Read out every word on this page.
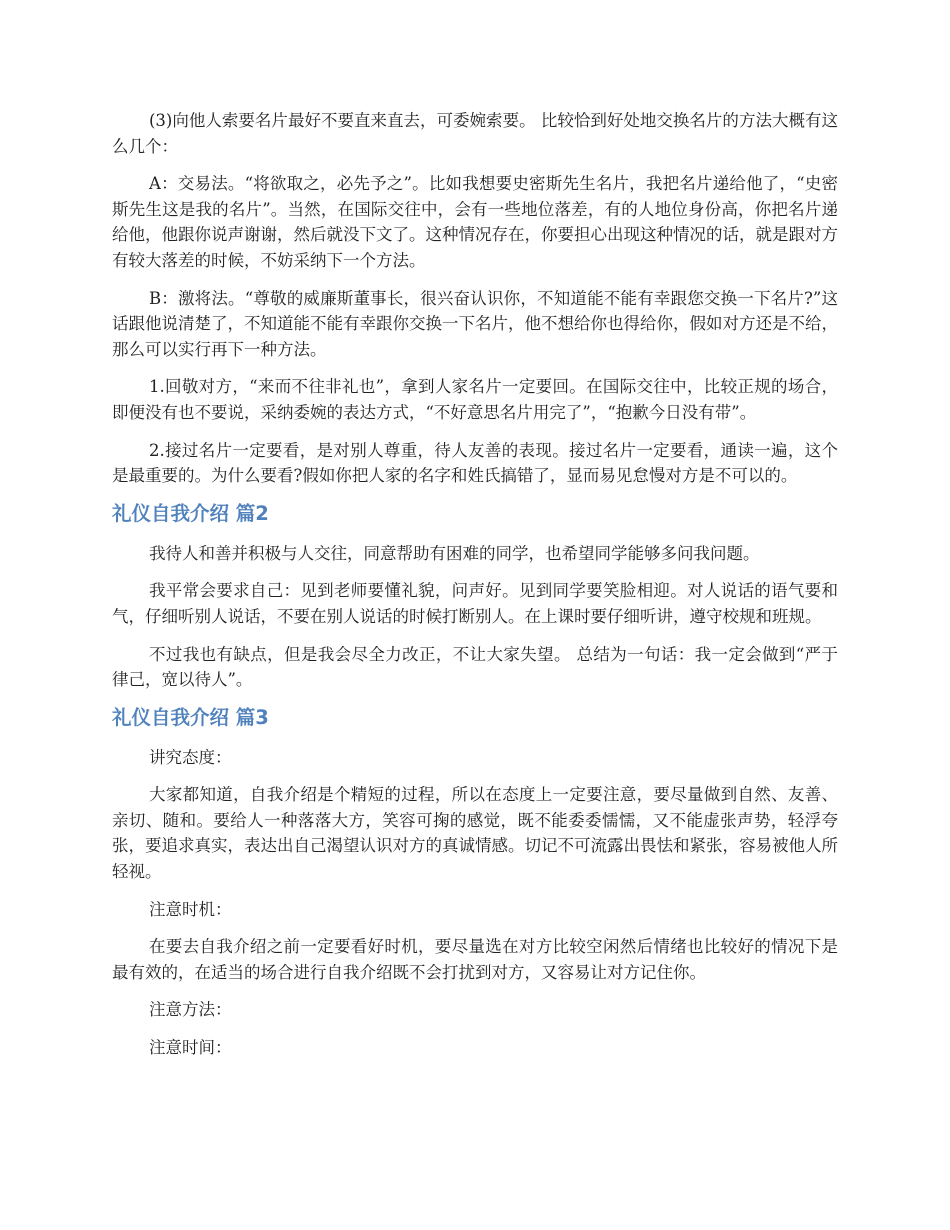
(3)向他人索要名片最好不要直来直去，可委婉索要。 比较恰到好处地交换名片的方法大概有这么几个：

A：交易法。“将欲取之，必先予之”。比如我想要史密斯先生名片，我把名片递给他了，“史密斯先生这是我的名片”。当然，在国际交往中，会有一些地位落差，有的人地位身份高，你把名片递给他，他跟你说声谢谢，然后就没下文了。这种情况存在，你要担心出现这种情况的话，就是跟对方有较大落差的时候，不妨采纳下一个方法。

B：激将法。“尊敬的威廉斯董事长，很兴奋认识你，不知道能不能有幸跟您交换一下名片?”这话跟他说清楚了，不知道能不能有幸跟你交换一下名片，他不想给你也得给你，假如对方还是不给，那么可以实行再下一种方法。

1.回敬对方，“来而不往非礼也”，拿到人家名片一定要回。在国际交往中，比较正规的场合，即便没有也不要说，采纳委婉的表达方式，“不好意思名片用完了”，“抱歉今日没有带”。

2.接过名片一定要看，是对别人尊重，待人友善的表现。接过名片一定要看，通读一遍，这个是最重要的。为什么要看?假如你把人家的名字和姓氏搞错了，显而易见怠慢对方是不可以的。

礼仪自我介绍 篇2

我待人和善并积极与人交往，同意帮助有困难的同学，也希望同学能够多问我问题。

我平常会要求自己：见到老师要懂礼貌，问声好。见到同学要笑脸相迎。对人说话的语气要和气，仔细听别人说话，不要在别人说话的时候打断别人。在上课时要仔细听讲，遵守校规和班规。

不过我也有缺点，但是我会尽全力改正，不让大家失望。 总结为一句话：我一定会做到“严于律己，宽以待人”。

礼仪自我介绍 篇3

讲究态度：

大家都知道，自我介绍是个精短的过程，所以在态度上一定要注意，要尽量做到自然、友善、亲切、随和。要给人一种落落大方，笑容可掬的感觉，既不能委委懦懦，又不能虚张声势，轻浮夸张，要追求真实，表达出自己渴望认识对方的真诚情感。切记不可流露出畏怯和紧张，容易被他人所轻视。

注意时机：

在要去自我介绍之前一定要看好时机，要尽量选在对方比较空闲然后情绪也比较好的情况下是最有效的，在适当的场合进行自我介绍既不会打扰到对方，又容易让对方记住你。

注意方法：

注意时间：
